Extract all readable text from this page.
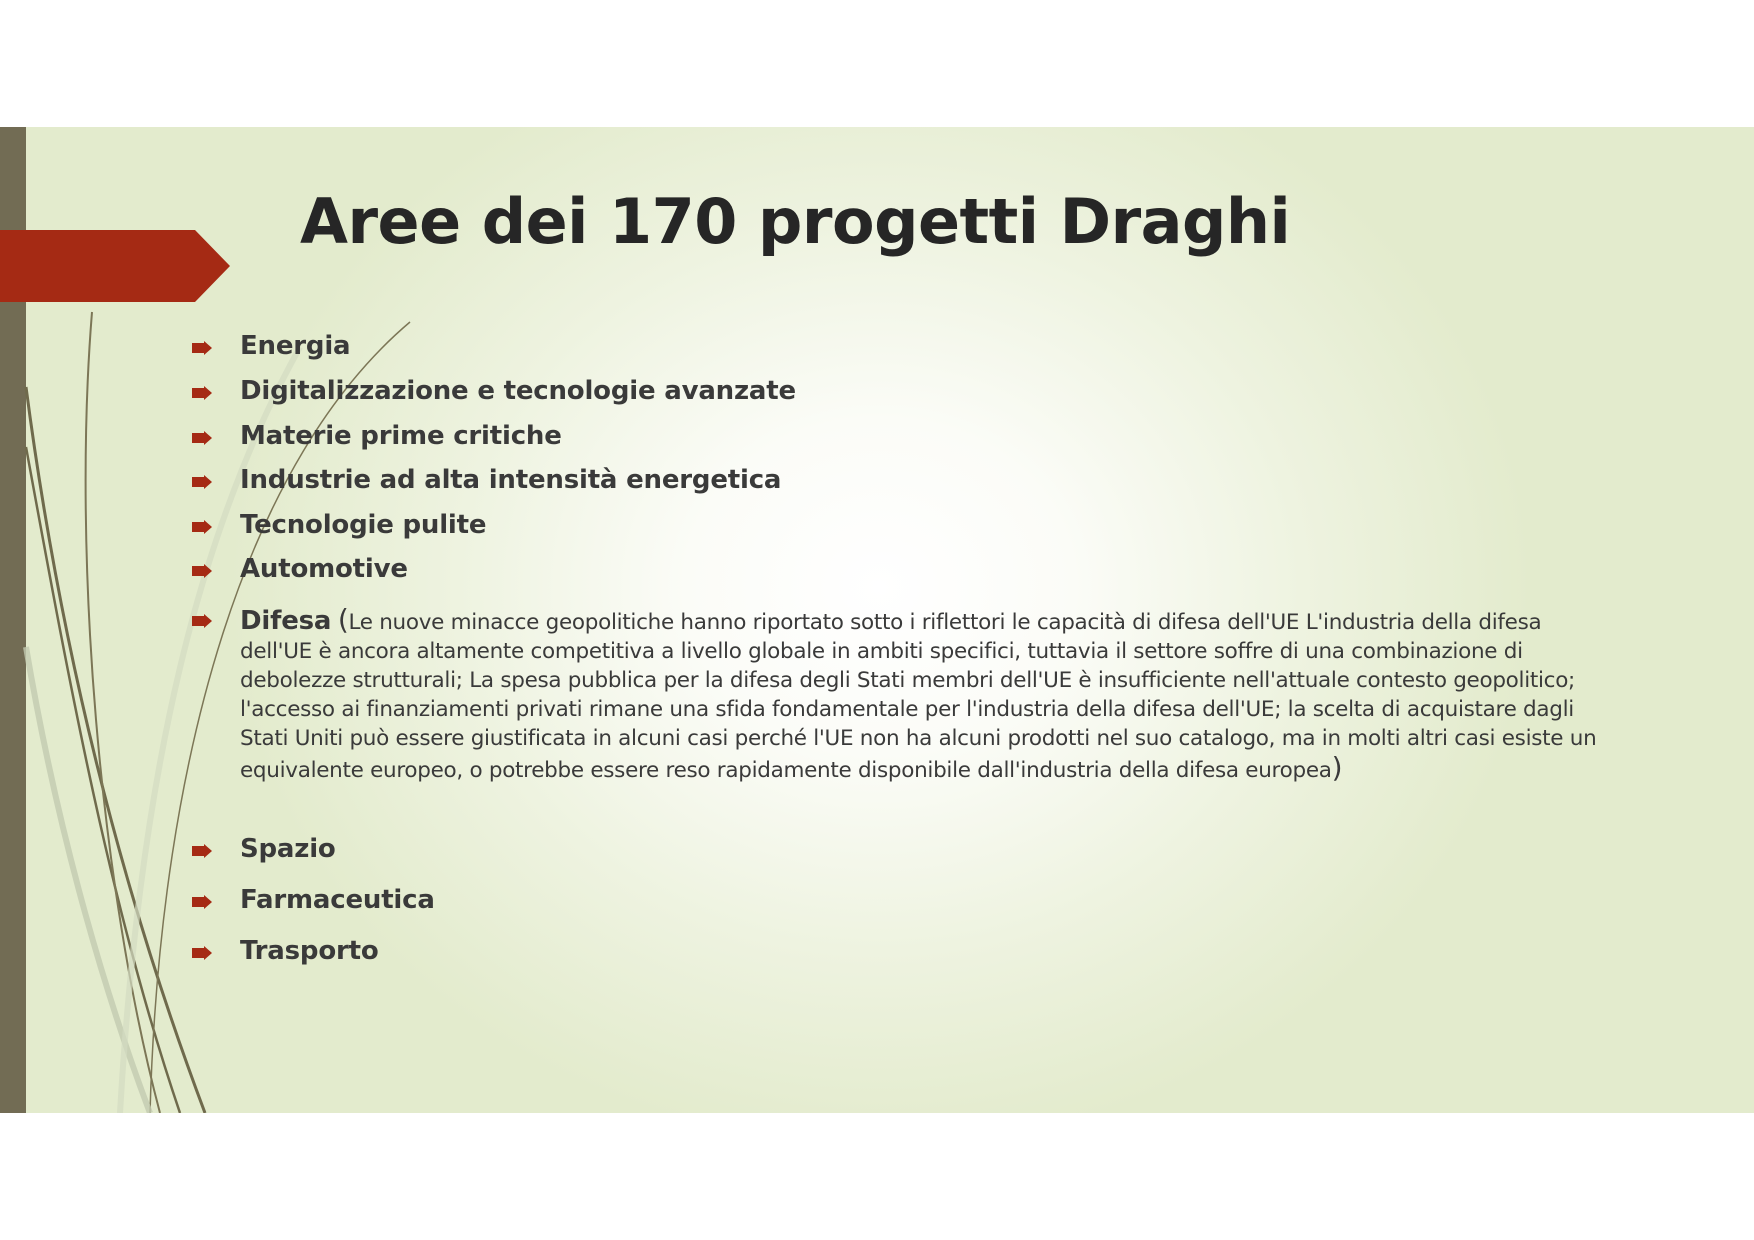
Aree dei 170 progetti Draghi
Energia
Digitalizzazione e tecnologie avanzate
Materie prime critiche
Industrie ad alta intensità energetica
Tecnologie pulite
Automotive
Difesa (Le nuove minacce geopolitiche hanno riportato sotto i riflettori le capacità di difesa dell'UE L'industria della difesa dell'UE è ancora altamente competitiva a livello globale in ambiti specifici, tuttavia il settore soffre di una combinazione di debolezze strutturali; La spesa pubblica per la difesa degli Stati membri dell'UE è insufficiente nell'attuale contesto geopolitico; l'accesso ai finanziamenti privati rimane una sfida fondamentale per l'industria della difesa dell'UE; la scelta di acquistare dagli Stati Uniti può essere giustificata in alcuni casi perché l'UE non ha alcuni prodotti nel suo catalogo, ma in molti altri casi esiste un equivalente europeo, o potrebbe essere reso rapidamente disponibile dall'industria della difesa europea)
Spazio
Farmaceutica
Trasporto
